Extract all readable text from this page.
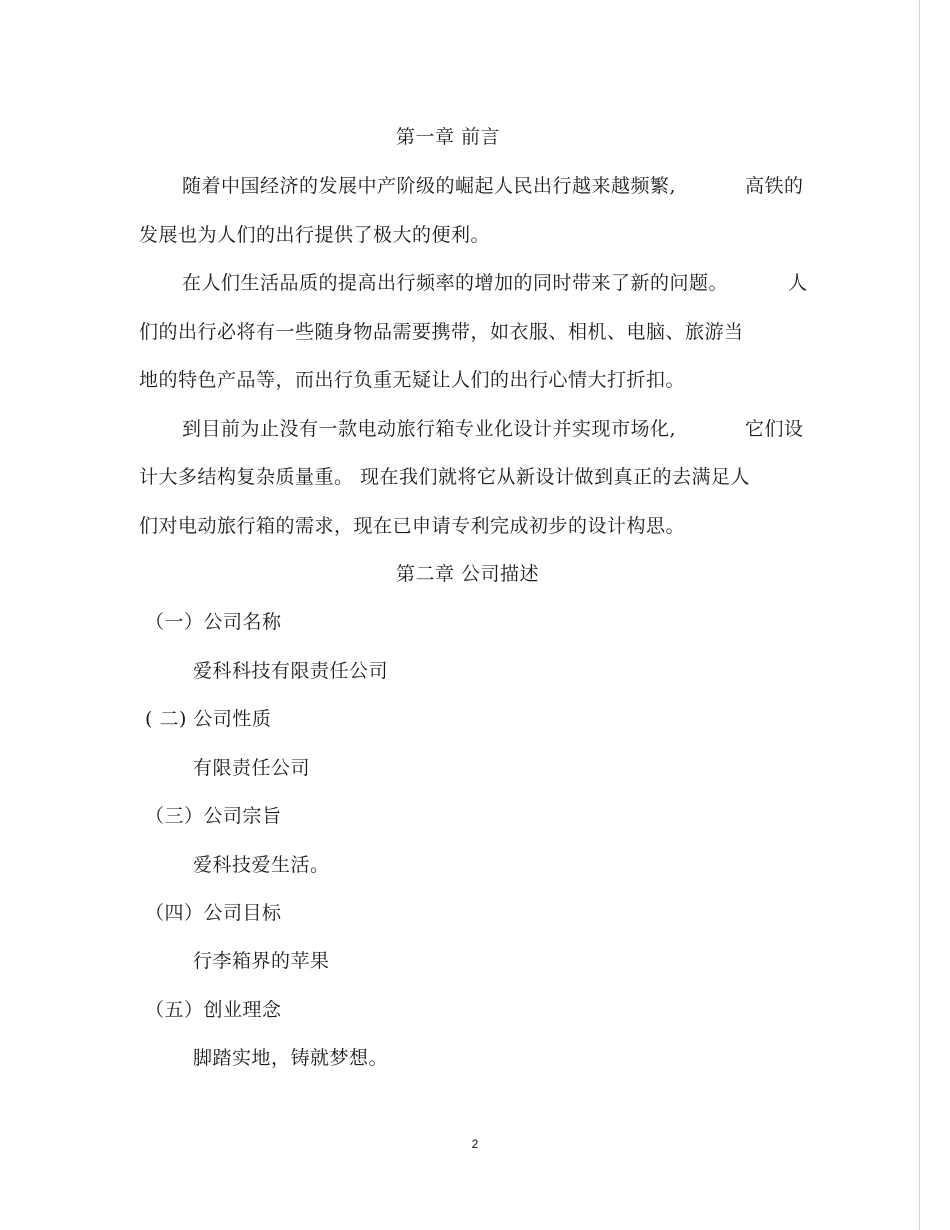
第一章 前言
随着中国经济的发展中产阶级的崛起人民出行越来越频繁,	高铁的
发展也为人们的出行提供了极大的便利。
在人们生活品质的提高出行频率的增加的同时带来了新的问题。	人
们的出行必将有一些随身物品需要携带，如衣服、相机、电脑、旅游当
地的特色产品等，而出行负重无疑让人们的出行心情大打折扣。
到目前为止没有一款电动旅行箱专业化设计并实现市场化,	它们设
计大多结构复杂质量重。 现在我们就将它从新设计做到真正的去满足人
们对电动旅行箱的需求，现在已申请专利完成初步的设计构思。
第二章 公司描述
（一）公司名称
爱科科技有限责任公司
( 二) 公司性质
有限责任公司
（三）公司宗旨
爱科技爱生活。
（四）公司目标
行李箱界的苹果
（五）创业理念
脚踏实地，铸就梦想。
2
